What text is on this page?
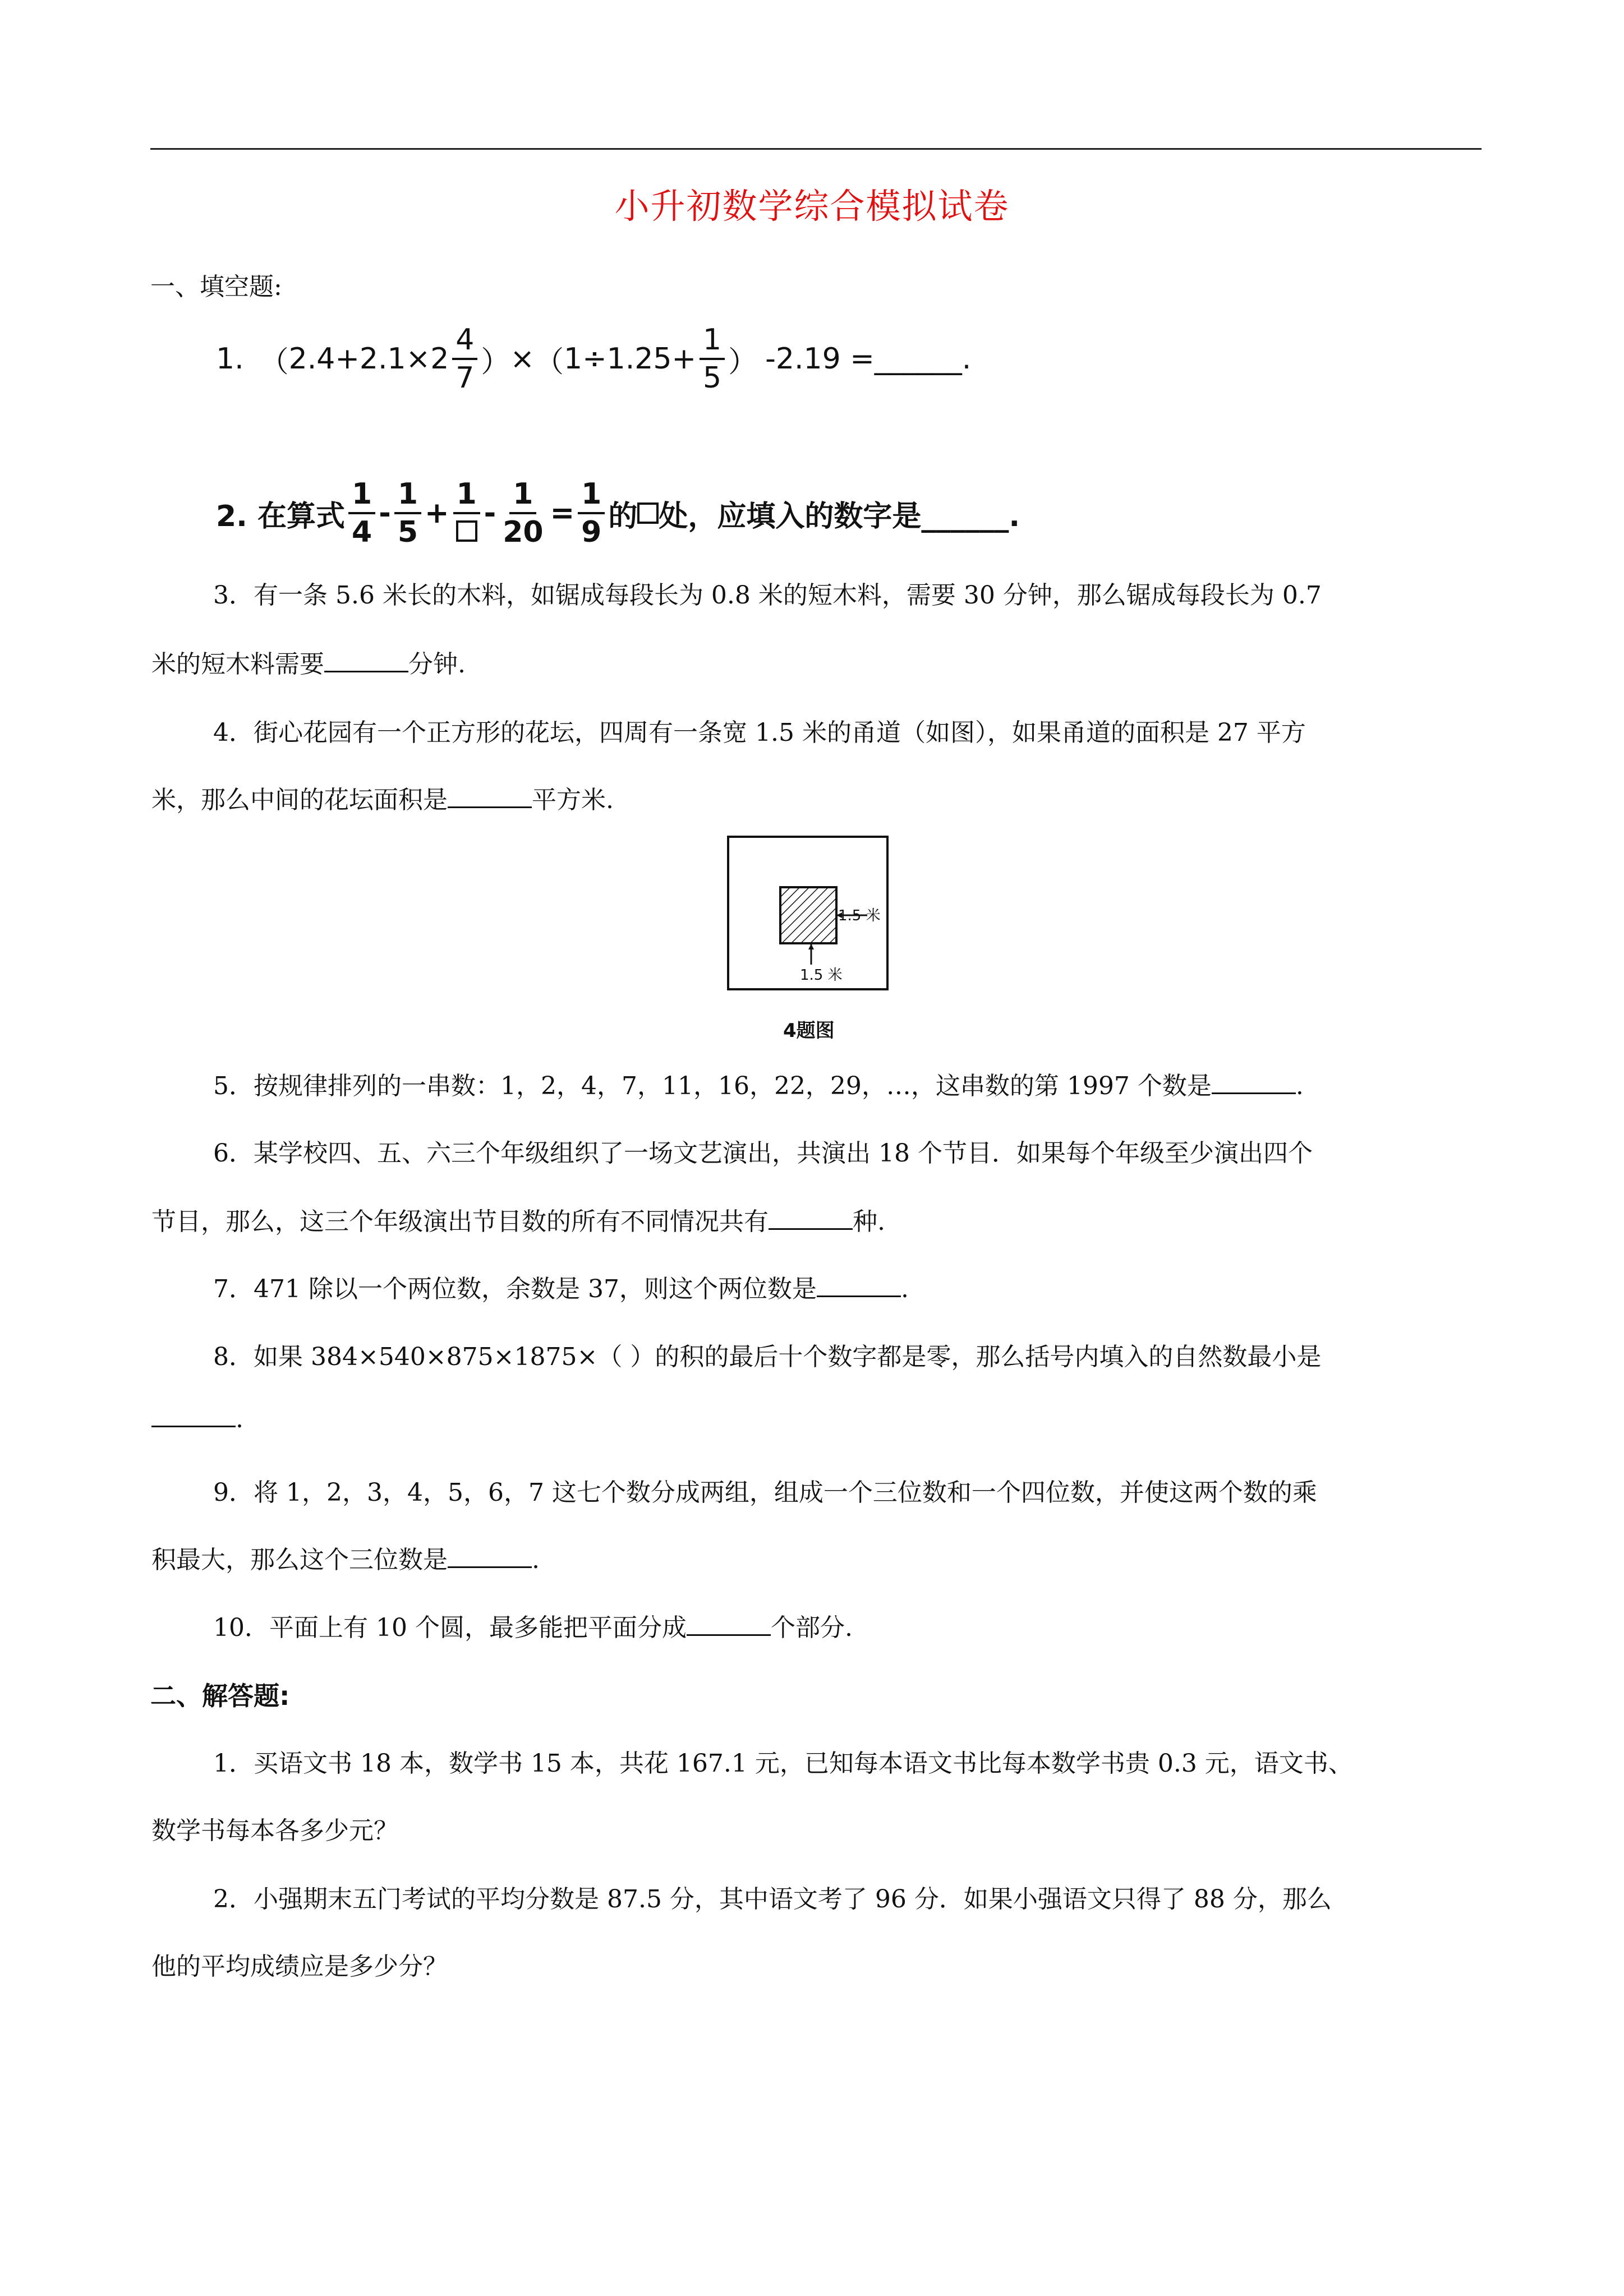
小升初数学综合模拟试卷
一、填空题:
1. （ $2.4 + 2.1 \times 2 \frac{4}{7}$ ） × （ $1 \div 1.25 + \frac{1}{5}$ ） -2.19 =______.
2. 在算式 $\frac{1}{4} - \frac{1}{5}$ +
1
- $\frac{1}{20} = \frac{1}{9}$ 的 处，应填入的数字是______.
3．有一条 5.6 米长的木料，如锯成每段长为 0.8 米的短木料，需要 30 分钟，那么锯成每段长为 0.7
米的短木料需要	分钟.
4．街心花园有一个正方形的花坛，四周有一条宽 1.5 米的甬道（如图），如果甬道的面积是 27 平方
米，那么中间的花坛面积是	平方米.
1.5 米
1.5 米
4题图
5．按规律排列的一串数：1，2，4，7，11，16，22，29，…，这串数的第 1997 个数是	.
6．某学校四、五、六三个年级组织了一场文艺演出，共演出 18 个节目．如果每个年级至少演出四个
节目，那么，这三个年级演出节目数的所有不同情况共有	种.
7．471 除以一个两位数，余数是 37，则这个两位数是	.
8．如果 384×540×875×1875×（ ）的积的最后十个数字都是零，那么括号内填入的自然数最小是
.
9．将 1，2，3，4，5，6，7 这七个数分成两组，组成一个三位数和一个四位数，并使这两个数的乘
积最大，那么这个三位数是	.
10．平面上有 10 个圆，最多能把平面分成	个部分.
二、解答题:
1．买语文书 18 本，数学书 15 本，共花 167.1 元，已知每本语文书比每本数学书贵 0.3 元，语文书、
数学书每本各多少元？
2．小强期末五门考试的平均分数是 87.5 分，其中语文考了 96 分．如果小强语文只得了 88 分，那么
他的平均成绩应是多少分？
